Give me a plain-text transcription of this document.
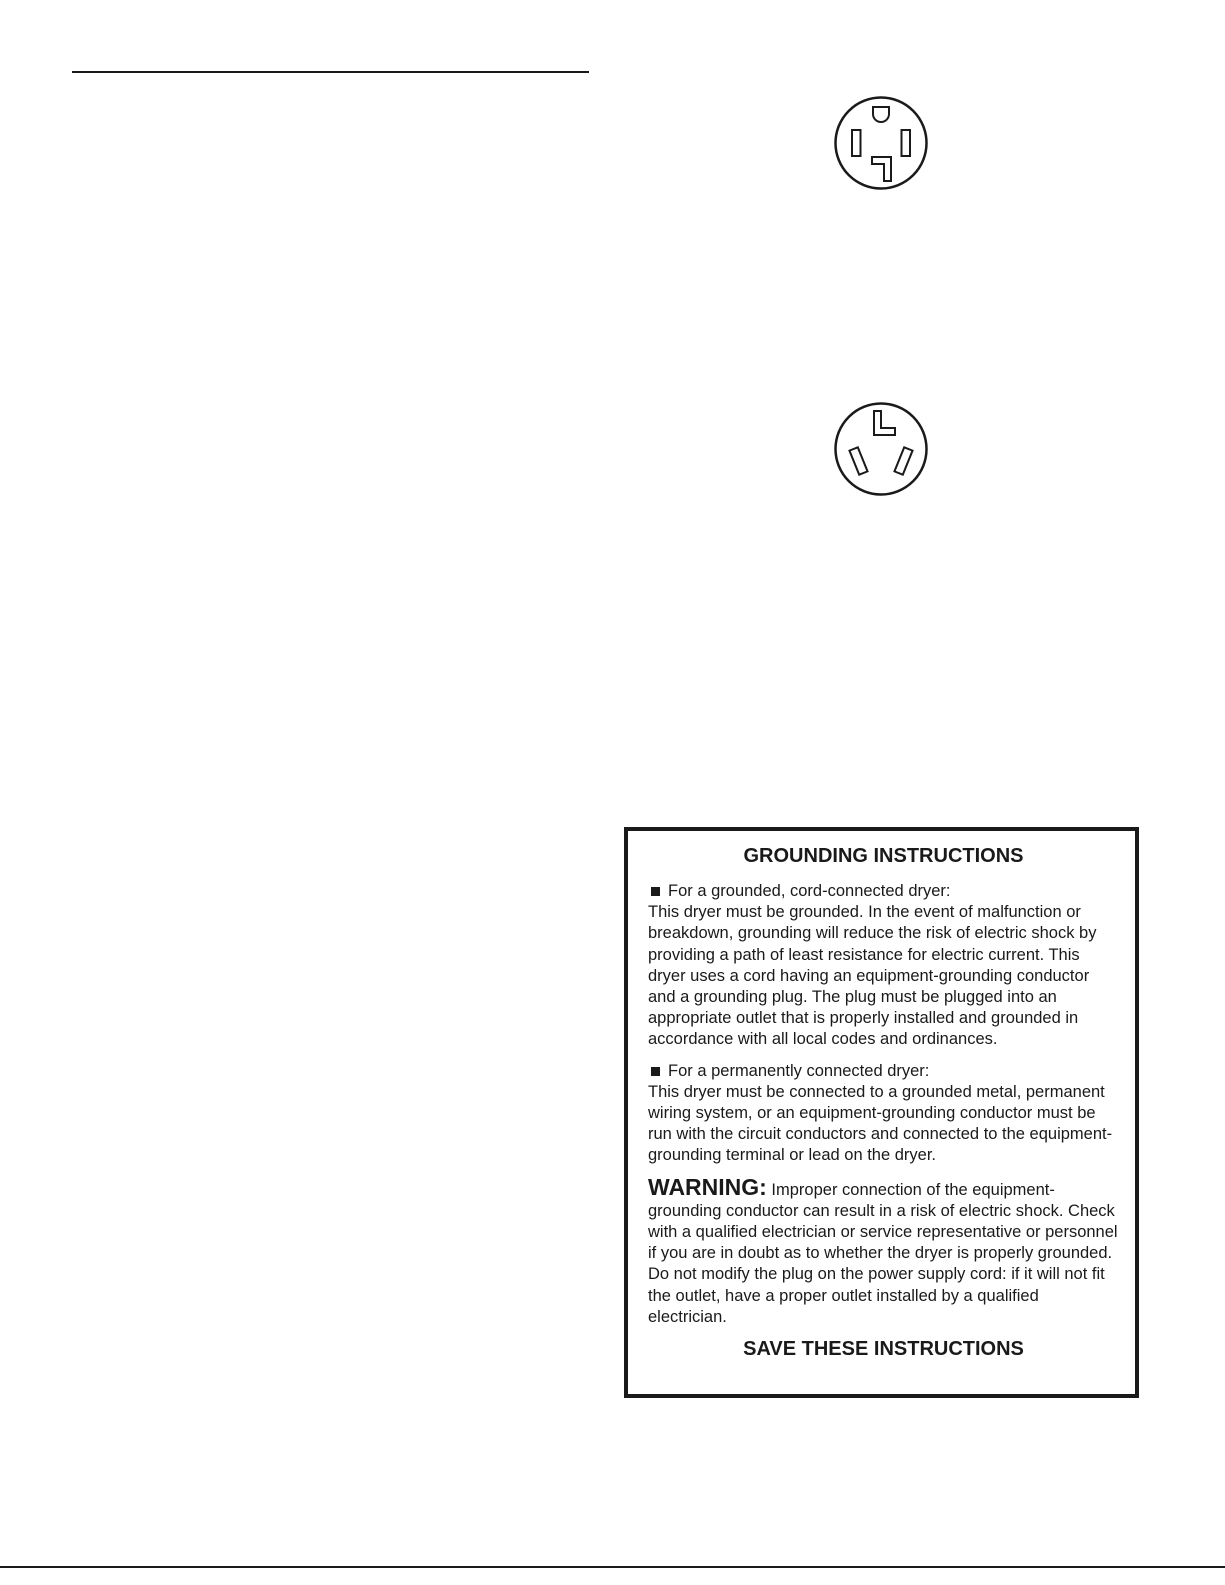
GROUNDING INSTRUCTIONS
For a grounded, cord-connected dryer:
This dryer must be grounded. In the event of malfunction or breakdown, grounding will reduce the risk of electric shock by providing a path of least resistance for electric current. This dryer uses a cord having an equipment-grounding conductor and a grounding plug. The plug must be plugged into an appropriate outlet that is properly installed and grounded in accordance with all local codes and ordinances.
For a permanently connected dryer:
This dryer must be connected to a grounded metal, permanent wiring system, or an equipment-grounding conductor must be run with the circuit conductors and connected to the equipment-grounding terminal or lead on the dryer.
WARNING: Improper connection of the equipment-grounding conductor can result in a risk of electric shock. Check with a qualified electrician or service representative or personnel if you are in doubt as to whether the dryer is properly grounded. Do not modify the plug on the power supply cord: if it will not fit the outlet, have a proper outlet installed by a qualified electrician.
SAVE THESE INSTRUCTIONS
